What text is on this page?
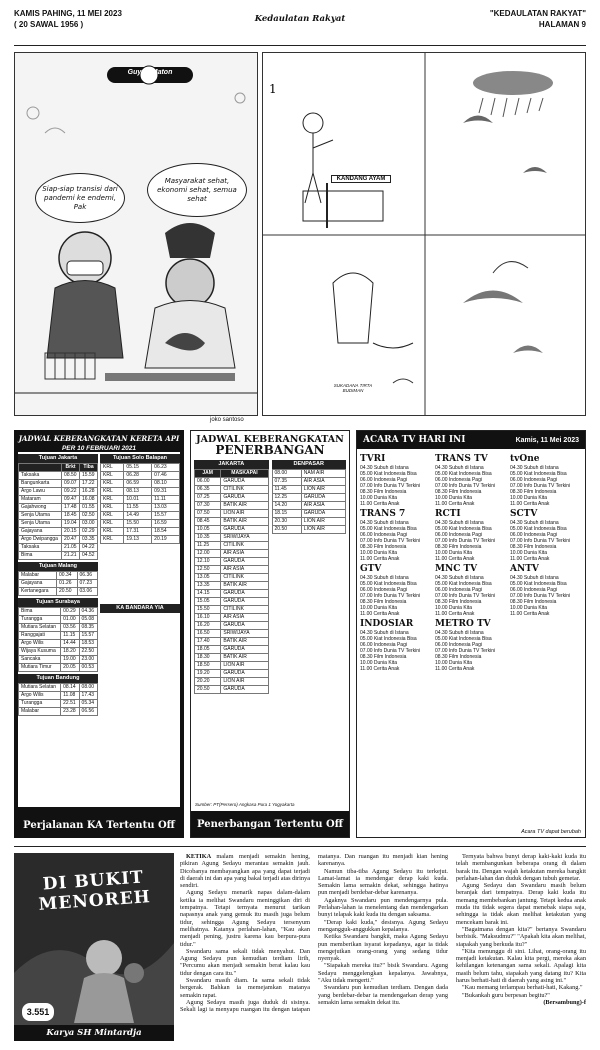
KAMIS PAHING, 11 MEI 2023
( 20 SAWAL 1956 )
Kedaulatan Rakyat
"KEDAULATAN RAKYAT"
HALAMAN 9
Guyon Maton
Siap-siap transisi dari pandemi ke endemi, Pak
Masyarakat sehat, ekonomi sehat, semua sehat
joko santoso
1
KANDANG AYAM
SUKADANA TIRTA BUDIMAN
JADWAL KEBERANGKATAN KERETA API
PER 10 FEBRUARI 2021
Tujuan Jakarta
	Brkt	Tiba
Taksaka	08.50	15.59
Bangunkarta	09.07	17.22
Argo Lawu	09.22	16.28
Mataram	09.47	16.08
Gajahwong	17.48	01.55
Senja Utama	18.45	02.50
Senja Utama	19.04	03.00
Gajayana	20.15	02.29
Argo Dwipangga	20.47	03.35
Taksaka	21.05	04.22
Bima	21.21	04.52
Tujuan Malang
Malabar	00.34	06.36
Gajayana	01.26	07.23
Kertanegara	20.50	03.06
Tujuan Surabaya
Bima	00.29	04.36
Turangga	01.00	05.08
Mutiara Selatan	03.56	08.35
Ranggajati	11.15	15.57
Argo Wilis	14.44	18.53
Wijaya Kusuma	18.20	22.50
Sancaka	19.00	23.00
Mutiara Timur	20.05	00.53
Tujuan Bandung
Mutiara Selatan	08.14	08.00
Argo Wilis	11.08	17.43
Turangga	22.51	05.34
Malabar	23.28	06.56
Tujuan Solo Balapan
KRL	05.15	06.23
KRL	06.28	07.46
KRL	06.59	08.10
KRL	08.13	09.31
KRL	10.01	11.11
KRL	11.55	13.03
KRL	14.49	15.57
KRL	15.50	16.59
KRL	17.31	18.54
KRL	19.13	20.19
KA BANDARA YIA
Perjalanan KA Tertentu Off
JADWAL KEBERANGKATAN
PENERBANGAN
JAKARTA
JAM	MASKAPAI
06.00	GARUDA
06.35	CITILINK
07.25	GARUDA
07.30	BATIK AIR
07.50	LION AIR
08.45	BATIK AIR
10.05	GARUDA
10.35	SRIWIJAYA
11.25	CITILINK
12.00	AIR ASIA
12.10	GARUDA
12.50	AIR ASIA
13.05	CITILINK
13.35	BATIK AIR
14.15	GARUDA
15.05	GARUDA
15.50	CITILINK
16.10	AIR ASIA
16.20	GARUDA
16.50	SRIWIJAYA
17.40	BATIK AIR
18.05	GARUDA
18.30	BATIK AIR
18.50	LION AIR
19.20	GARUDA
20.20	LION AIR
20.50	GARUDA
DENPASAR
08.00	NAM AIR
07.35	AIR ASIA
11.45	LION AIR
12.25	GARUDA
14.20	AIR ASIA
18.15	GARUDA
20.30	LION AIR
20.50	LION AIR
Sumber: PT(Persero) Angkasa Pura 1 Yogyakarta
Penerbangan Tertentu Off
ACARA TV HARI INI	Kamis, 11 Mei 2023
TVRI
04.30 Subuh di Istana
05.00 Kiat Indonesia Bisa
06.00 Indonesia Pagi
07.00 Info Dunia TV Terkini
08.30 Film Indonesia
10.00 Dunia Kita
11.00 Cerita Anak
TRANS 7
04.30 Subuh di Istana
05.00 Kiat Indonesia Bisa
06.00 Indonesia Pagi
07.00 Info Dunia TV Terkini
08.30 Film Indonesia
10.00 Dunia Kita
11.00 Cerita Anak
GTV
04.30 Subuh di Istana
05.00 Kiat Indonesia Bisa
06.00 Indonesia Pagi
07.00 Info Dunia TV Terkini
08.30 Film Indonesia
10.00 Dunia Kita
11.00 Cerita Anak
INDOSIAR
04.30 Subuh di Istana
05.00 Kiat Indonesia Bisa
06.00 Indonesia Pagi
07.00 Info Dunia TV Terkini
08.30 Film Indonesia
10.00 Dunia Kita
11.00 Cerita Anak
TRANS TV
04.30 Subuh di Istana
05.00 Kiat Indonesia Bisa
06.00 Indonesia Pagi
07.00 Info Dunia TV Terkini
08.30 Film Indonesia
10.00 Dunia Kita
11.00 Cerita Anak
RCTI
04.30 Subuh di Istana
05.00 Kiat Indonesia Bisa
06.00 Indonesia Pagi
07.00 Info Dunia TV Terkini
08.30 Film Indonesia
10.00 Dunia Kita
11.00 Cerita Anak
MNC TV
04.30 Subuh di Istana
05.00 Kiat Indonesia Bisa
06.00 Indonesia Pagi
07.00 Info Dunia TV Terkini
08.30 Film Indonesia
10.00 Dunia Kita
11.00 Cerita Anak
METRO TV
04.30 Subuh di Istana
05.00 Kiat Indonesia Bisa
06.00 Indonesia Pagi
07.00 Info Dunia TV Terkini
08.30 Film Indonesia
10.00 Dunia Kita
11.00 Cerita Anak
tvOne
04.30 Subuh di Istana
05.00 Kiat Indonesia Bisa
06.00 Indonesia Pagi
07.00 Info Dunia TV Terkini
08.30 Film Indonesia
10.00 Dunia Kita
11.00 Cerita Anak
SCTV
04.30 Subuh di Istana
05.00 Kiat Indonesia Bisa
06.00 Indonesia Pagi
07.00 Info Dunia TV Terkini
08.30 Film Indonesia
10.00 Dunia Kita
11.00 Cerita Anak
ANTV
04.30 Subuh di Istana
05.00 Kiat Indonesia Bisa
06.00 Indonesia Pagi
07.00 Info Dunia TV Terkini
08.30 Film Indonesia
10.00 Dunia Kita
11.00 Cerita Anak
Acara TV dapat berubah
DI BUKIT MENOREH
3.551
Karya SH Mintardja

KETIKA malam menjadi semakin hening, pikiran Agung Sedayu merantau semakin jauh. Dicobanya membayangkan apa yang dapat terjadi di daerah ini dan apa yang bakal terjadi atas dirinya sendiri.

Agung Sedayu menarik napas dalam-dalam ketika ia melihat Swandaru meninggikan diri di tempatnya. Tetapi ternyata menurut tarikan napasnya anak yang gemuk itu masih juga belum tidur, sehingga Agung Sedayu tersenyum melihatnya. Katanya perlahan-lahan, "Kau akan menjadi pening, justru karena kau berpura-pura tidur."

Swandaru sama sekali tidak menyahut. Dan Agung Sedayu pun kemudian terdiam lirih, "Percumu akan menjadi semakin berat kalau kau tidur dengan cara itu."

Swandaru masih diam. Ia sama sekali tidak bergerak. Bahkan ia memejamkan matanya semakin rapat.

Agung Sedayu masih juga duduk di sisinya. Sekali lagi ia menyapu ruangan itu dengan tatapan matanya. Dan ruangan itu menjadi kian hening karenanya.

Namun tiba-tiba Agung Sedayu itu terkejut. Lamat-lamat ia mendengar derap kaki kuda. Semakin lama semakin dekat, sehingga hatinya pun menjadi berdebar-debar karenanya.

Agaknya Swandaru pun mendengarnya pula. Perlahan-lahan ia menelentang dan mendengarkan bunyi telapak kaki kuda itu dengan saksama.

"Derap kaki kuda," desisnya. Agung Sedayu mengangguk-anggukkan kepalanya.

Ketika Swandaru bangkit, maka Agung Sedayu pun memberikan isyarat kepadanya, agar ia tidak mengejutkan orang-orang yang sedang tidur nyenyak.

"Siapakah mereka itu?" bisik Swandaru. Agung Sedayu menggelengkan kepalanya. Jawabnya, "Aku tidak mengerti."

Swandaru pun kemudian terdiam. Dengan dada yang berdebar-debar ia mendengarkan derap yang semakin lama semakin dekat itu.

Ternyata bahwa bunyi derap kaki-kaki kuda itu telah membangunkan beberapa orang di dalam barak itu. Dengan wajah ketakutan mereka bangkit perlahan-lahan dan duduk dengan tubuh gemetar.

Agung Sedayu dan Swandaru masih belum beranjak dari tempatnya. Derap kaki kuda itu memang membebankan jantung. Tetapi kedua anak muda itu tidak segera dapat menebak siapa saja, sehingga ia tidak akan melihat ketakutan yang mencekam barak ini.

"Bagaimana dengan kita?" bertanya Swandaru berbisik. "Maksudmu?" "Apakah kita akan melihat, siapakah yang berkuda itu?"

"Kita menunggu di sini. Lihat, orang-orang itu menjadi ketakutan. Kalau kita pergi, mereka akan kehilangan ketenangan sama sekali. Apalagi kita masih belum tahu, siapakah yang datang itu? Kita harus berhati-hati di daerah yang asing ini."

"Kau memang terlampau berhati-hati, Kakang."

"Bukankah guru berpesan begitu?"

(Bersambung)-f
